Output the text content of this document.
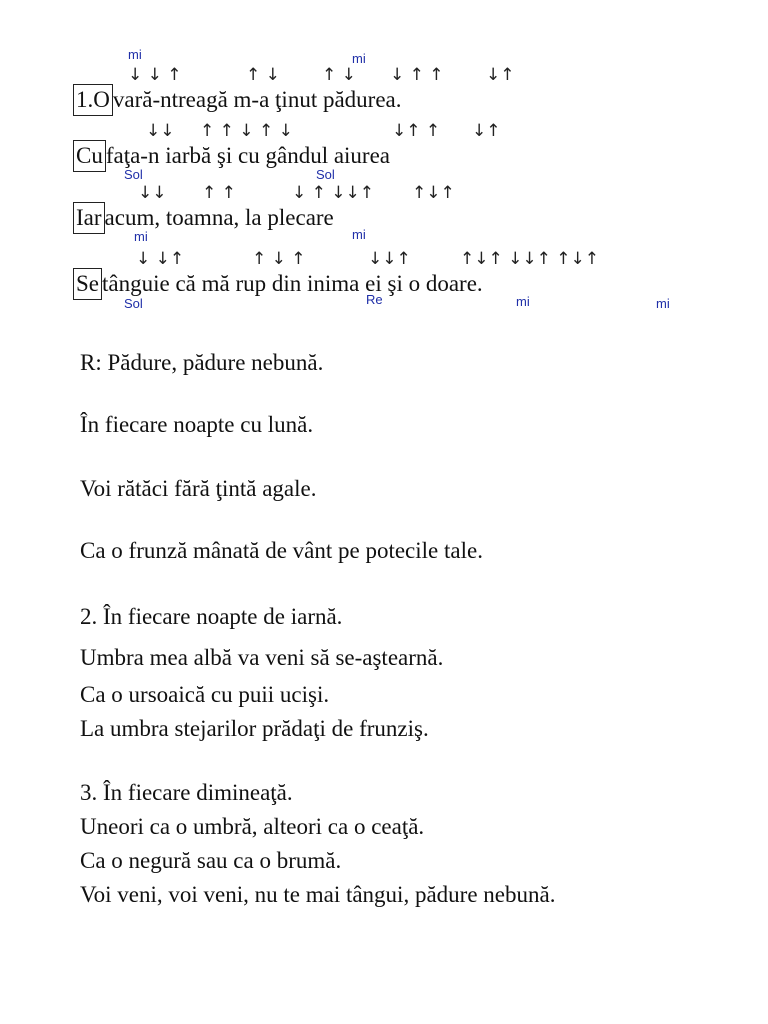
mi	mi
↓ ↓ ↑	↑ ↓ ↑ ↓ ↓ ↑ ↑ ↓↑
1.O vară-ntreagă m-a ţinut pădurea.
↓↓ ↑ ↑ ↓ ↑ ↓	↓↑ ↑ ↓↑
Cu faţa-n iarbă şi cu gândul aiurea
Sol	Sol
↓↓ ↑ ↑	↓ ↑ ↓↓↑ ↑↓↑
Iar acum, toamna, la plecare
mi	mi
↓ ↓↑	↑ ↓ ↑	↓↓↑	↑↓↑ ↓↓↑ ↑↓↑
Se tânguie că mă rup din inima ei şi o doare.
Sol	Re	mi	mi
R: Pădure, pădure nebună.
În fiecare noapte cu lună.
Voi rătăci fără ţintă agale.
Ca o frunză mânată de vânt pe potecile tale.
2. În fiecare noapte de iarnă.
Umbra mea albă va veni să se-aştearnă.
Ca o ursoaică cu puii ucişi.
La umbra stejarilor prădaţi de frunziş.
3. În fiecare dimineaţă.
Uneori ca o umbră, alteori ca o ceaţă.
Ca o negură sau ca o brumă.
Voi veni, voi veni, nu te mai tângui, pădure nebună.
